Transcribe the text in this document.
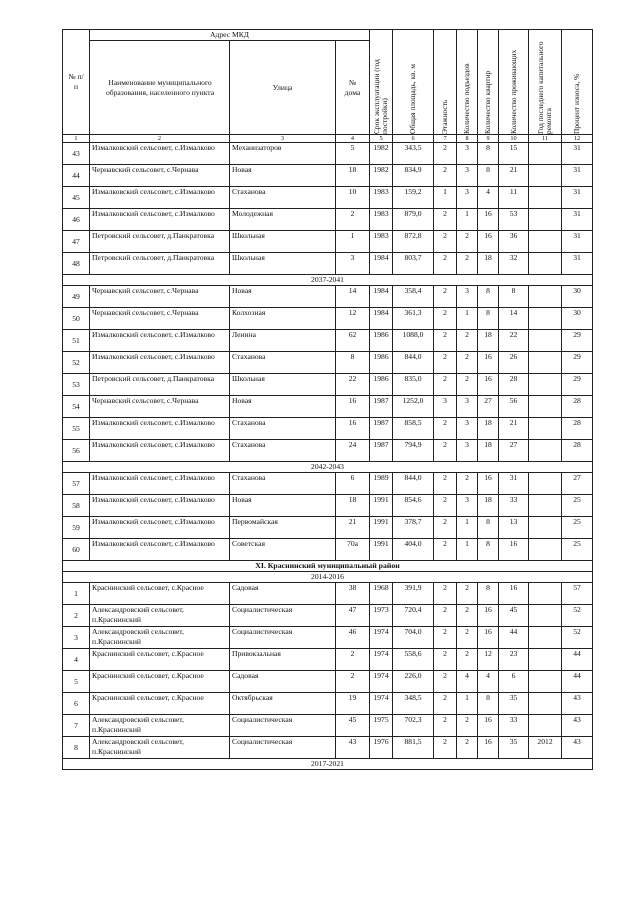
№ п/п	Адрес МКД			Срок эксплуатации (год постройки)	Общая площадь, кв. м	Этажность	Количество подъездов	Количество квартир	Количество проживающих	Год последнего капитального ремонта	Процент износа, %

	Наименование муниципального образования, населенного пункта	Улица	№ дома								
1	2	3	4	5	6	7	8	9	10	11	12
43	Измалковский сельсовет, с.Измалково	Механизаторов	5	1982	343,5	2	3	8	15		31
44	Чернавский сельсовет, с.Чернава	Новая	18	1982	834,9	2	3	8	21		31
45	Измалковский сельсовет, с.Измалково	Стаханова	10	1983	159,2	1	3	4	11		31
46	Измалковский сельсовет, с.Измалково	Молодежная	2	1983	879,0	2	1	16	53		31
47	Петровский сельсовет, д.Панкратовка	Школьная	1	1983	872,8	2	2	16	36		31
48	Петровский сельсовет, д.Панкратовка	Школьная	3	1984	803,7	2	2	18	32		31
2037-2041											
49	Чернавский сельсовет, с.Чернава	Новая	14	1984	358,4	2	3	8	8		30
50	Чернавский сельсовет, с.Чернава	Колхозная	12	1984	361,3	2	1	8	14		30
51	Измалковский сельсовет, с.Измалково	Ленина	62	1986	1088,0	2	2	18	22		29
52	Измалковский сельсовет, с.Измалково	Стаханова	8	1986	844,0	2	2	16	26		29
53	Петровский сельсовет, д.Панкратовка	Школьная	22	1986	835,0	2	2	16	28		29
54	Чернавский сельсовет, с.Чернава	Новая	16	1987	1252,0	3	3	27	56		28
55	Измалковский сельсовет, с.Измалково	Стаханова	16	1987	858,5	2	3	18	21		28
56	Измалковский сельсовет, с.Измалково	Стаханова	24	1987	794,9	2	3	18	27		28
2042-2043											
57	Измалковский сельсовет, с.Измалково	Стаханова	6	1989	844,0	2	2	16	31		27
58	Измалковский сельсовет, с.Измалково	Новая	18	1991	854,6	2	3	18	33		25
59	Измалковский сельсовет, с.Измалково	Первомайская	21	1991	378,7	2	1	8	13		25
60	Измалковский сельсовет, с.Измалково	Советская	70а	1991	404,0	2	1	8	16		25
XI. Краснинский муниципальный район											
2014-2016											
1	Краснинский сельсовет, с.Красное	Садовая	38	1968	391,9	2	2	8	16		57
2	Александровский сельсовет, п.Краснинский	Социалистическая	47	1973	720,4	2	2	16	45		52
3	Александровский сельсовет, п.Краснинский	Социалистическая	46	1974	704,0	2	2	16	44		52
4	Краснинский сельсовет, с.Красное	Привокзальная	2	1974	558,6	2	2	12	23		44
5	Краснинский сельсовет, с.Красное	Садовая	2	1974	226,0	2	4	4	6		44
6	Краснинский сельсовет, с.Красное	Октябрьская	19	1974	348,5	2	1	8	35		43
7	Александровский сельсовет, п.Краснинский	Социалистическая	45	1975	702,3	2	2	16	33		43
8	Александровский сельсовет, п.Краснинский	Социалистическая	43	1976	881,5	2	2	16	35	2012	43
2017-2021											
